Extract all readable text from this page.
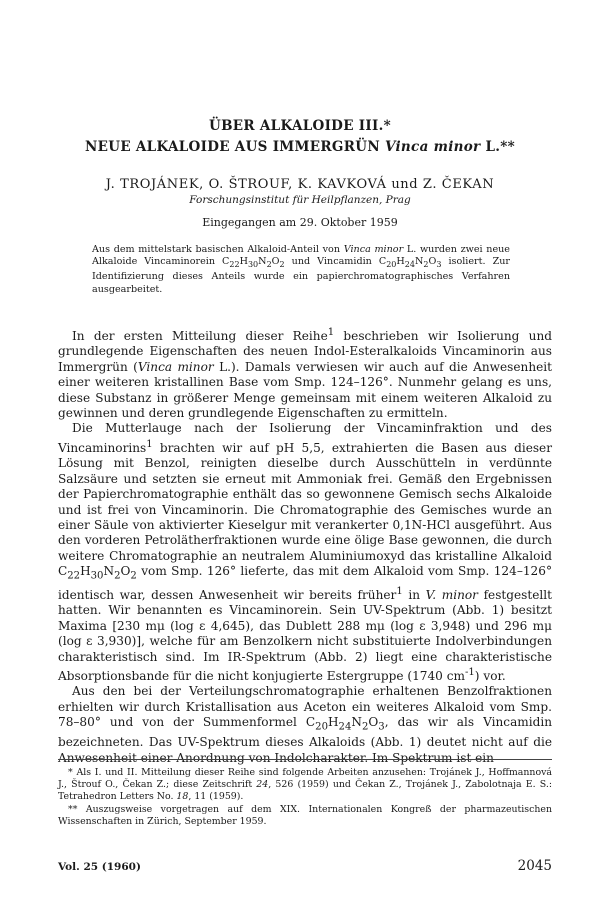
ÜBER ALKALOIDE III.*
NEUE ALKALOIDE AUS IMMERGRÜN Vinca minor L.**
J. TROJÁNEK, O. ŠTROUF, K. KAVKOVÁ und Z. ČEKAN
Forschungsinstitut für Heilpflanzen, Prag
Eingegangen am 29. Oktober 1959
Aus dem mittelstark basischen Alkaloid-Anteil von Vinca minor L. wurden zwei neue Alkaloide Vincaminorein $C_{22}H_{30}N_2O_2$ und Vincamidin $C_{20}H_{24}N_2O_3$ isoliert. Zur Identifizierung dieses Anteils wurde ein papierchromatographisches Verfahren ausgearbeitet.

In der ersten Mitteilung dieser Reihe$^1$ beschrieben wir Isolierung und grundlegende Eigenschaften des neuen Indol-Esteralkaloids Vincaminorin aus Immergrün (Vinca minor L.). Damals verwiesen wir auch auf die Anwesenheit einer weiteren kristallinen Base vom Smp. 124–126°. Nunmehr gelang es uns, diese Substanz in größerer Menge gemeinsam mit einem weiteren Alkaloid zu gewinnen und deren grundlegende Eigenschaften zu ermitteln.

Die Mutterlauge nach der Isolierung der Vincaminfraktion und des Vincaminorins$^1$ brachten wir auf pH 5,5, extrahierten die Basen aus dieser Lösung mit Benzol, reinigten dieselbe durch Ausschütteln in verdünnte Salzsäure und setzten sie erneut mit Ammoniak frei. Gemäß den Ergebnissen der Papierchromatographie enthält das so gewonnene Gemisch sechs Alkaloide und ist frei von Vincaminorin. Die Chromatographie des Gemisches wurde an einer Säule von aktivierter Kieselgur mit verankerter 0,1N-HCl ausgeführt. Aus den vorderen Petrolätherfraktionen wurde eine ölige Base gewonnen, die durch weitere Chromatographie an neutralem Aluminiumoxyd das kristalline Alkaloid $C_{22}H_{30}N_2O_2$ vom Smp. 126° lieferte, das mit dem Alkaloid vom Smp. 124–126° identisch war, dessen Anwesenheit wir bereits früher$^1$ in V. minor festgestellt hatten. Wir benannten es Vincaminorein. Sein UV-Spektrum (Abb. 1) besitzt Maxima [230 mμ (log ε 4,645), das Dublett 288 mμ (log ε 3,948) und 296 mμ (log ε 3,930)], welche für am Benzolkern nicht substituierte Indolverbindungen charakteristisch sind. Im IR-Spektrum (Abb. 2) liegt eine charakteristische Absorptionsbande für die nicht konjugierte Estergruppe (1740 $cm^{-1}$) vor.

Aus den bei der Verteilungschromatographie erhaltenen Benzolfraktionen erhielten wir durch Kristallisation aus Aceton ein weiteres Alkaloid vom Smp. 78–80° und von der Summenformel $C_{20}H_{24}N_2O_3$, das wir als Vincamidin bezeichneten. Das UV-Spektrum dieses Alkaloids (Abb. 1) deutet nicht auf die Anwesenheit einer Anordnung von Indolcharakter. Im Spektrum ist ein

* Als I. und II. Mitteilung dieser Reihe sind folgende Arbeiten anzusehen: Trojánek J., Hoffmannová J., Štrouf O., Čekan Z.; diese Zeitschrift 24, 526 (1959) und Čekan Z., Trojánek J., Zabolotnaja E. S.: Tetrahedron Letters No. 18, 11 (1959).

** Auszugsweise vorgetragen auf dem XIX. Internationalen Kongreß der pharmazeutischen Wissenschaften in Zürich, September 1959.

Vol. 25 (1960)	2045
